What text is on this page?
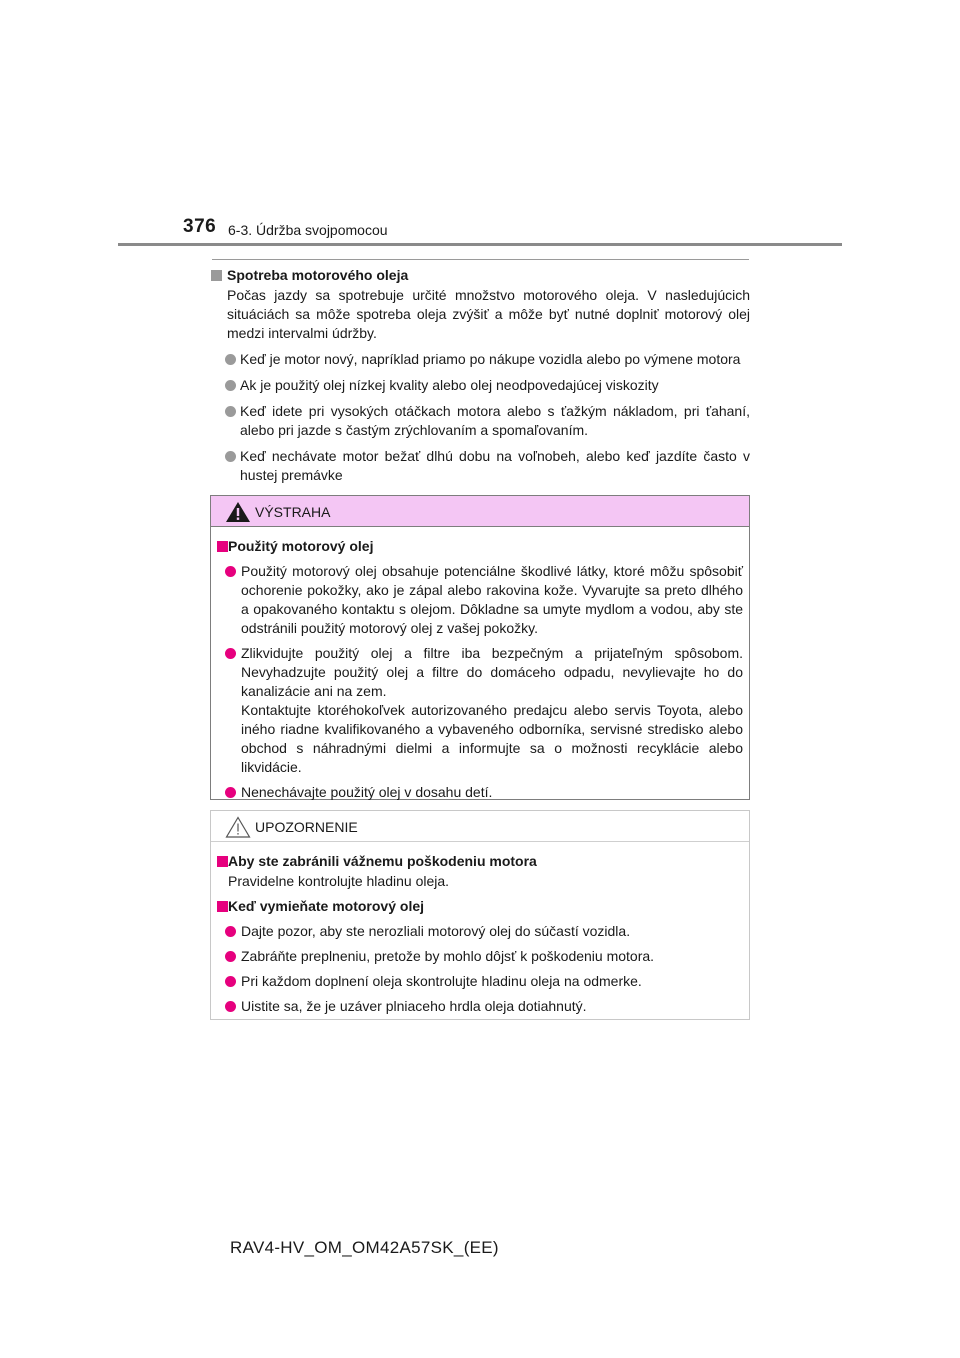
376 6-3. Údržba svojpomocou
Spotreba motorového oleja

Počas jazdy sa spotrebuje určité množstvo motorového oleja. V nasledujúcich situáciách sa môže spotreba oleja zvýšiť a môže byť nutné doplniť motorový olej medzi intervalmi údržby.

Keď je motor nový, napríklad priamo po nákupe vozidla alebo po výmene motora
Ak je použitý olej nízkej kvality alebo olej neodpovedajúcej viskozity
Keď idete pri vysokých otáčkach motora alebo s ťažkým nákladom, pri ťahaní, alebo pri jazde s častým zrýchlovaním a spomaľovaním.
Keď nechávate motor bežať dlhú dobu na voľnobeh, alebo keď jazdíte často v hustej premávke
VÝSTRAHA
Použitý motorový olej
Použitý motorový olej obsahuje potenciálne škodlivé látky, ktoré môžu spôsobiť ochorenie pokožky, ako je zápal alebo rakovina kože. Vyvarujte sa preto dlhého a opakovaného kontaktu s olejom. Dôkladne sa umyte mydlom a vodou, aby ste odstránili použitý motorový olej z vašej pokožky.
Zlikvidujte použitý olej a filtre iba bezpečným a prijateľným spôsobom. Nevyhadzujte použitý olej a filtre do domáceho odpadu, nevylievajte ho do kanalizácie ani na zem.
Kontaktujte ktoréhokoľvek autorizovaného predajcu alebo servis Toyota, alebo iného riadne kvalifikovaného a vybaveného odborníka, servisné stredisko alebo obchod s náhradnými dielmi a informujte sa o možnosti recyklácie alebo likvidácie.
Nenechávajte použitý olej v dosahu detí.
UPOZORNENIE
Aby ste zabránili vážnemu poškodeniu motora

Pravidelne kontrolujte hladinu oleja.

Keď vymieňate motorový olej
Dajte pozor, aby ste nerozliali motorový olej do súčastí vozidla.
Zabráňte preplneniu, pretože by mohlo dôjsť k poškodeniu motora.
Pri každom doplnení oleja skontrolujte hladinu oleja na odmerke.
Uistite sa, že je uzáver plniaceho hrdla oleja dotiahnutý.
RAV4-HV_OM_OM42A57SK_(EE)
